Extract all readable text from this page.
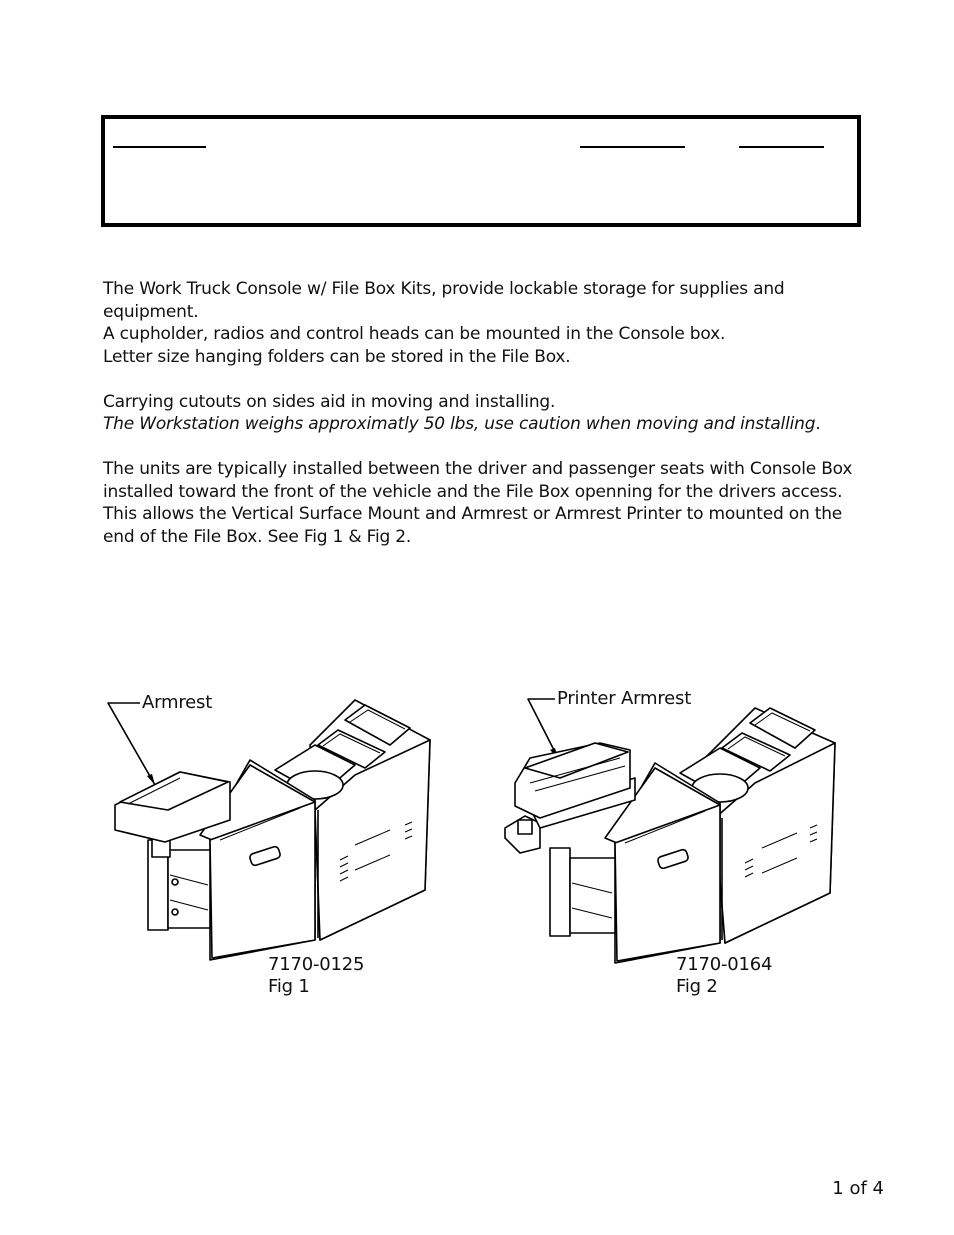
The Work Truck Console w/ File Box Kits, provide lockable storage for supplies and equipment.

A cupholder, radios and control heads can be mounted in the Console box.

Letter size hanging folders can be stored in the File Box.

Carrying cutouts on sides aid in moving and installing.

The Workstation weighs approximatly 50 lbs, use caution when moving and installing.

The units are typically installed between the driver and passenger seats with Console Box installed toward the front of the vehicle and the File Box openning for the drivers access. This allows the Vertical Surface Mount and Armrest or Armrest Printer to mounted on the end of the File Box. See Fig 1 & Fig 2.

Armrest
7170-0125
Fig 1
Printer Armrest
7170-0164
Fig 2
1 of 4
